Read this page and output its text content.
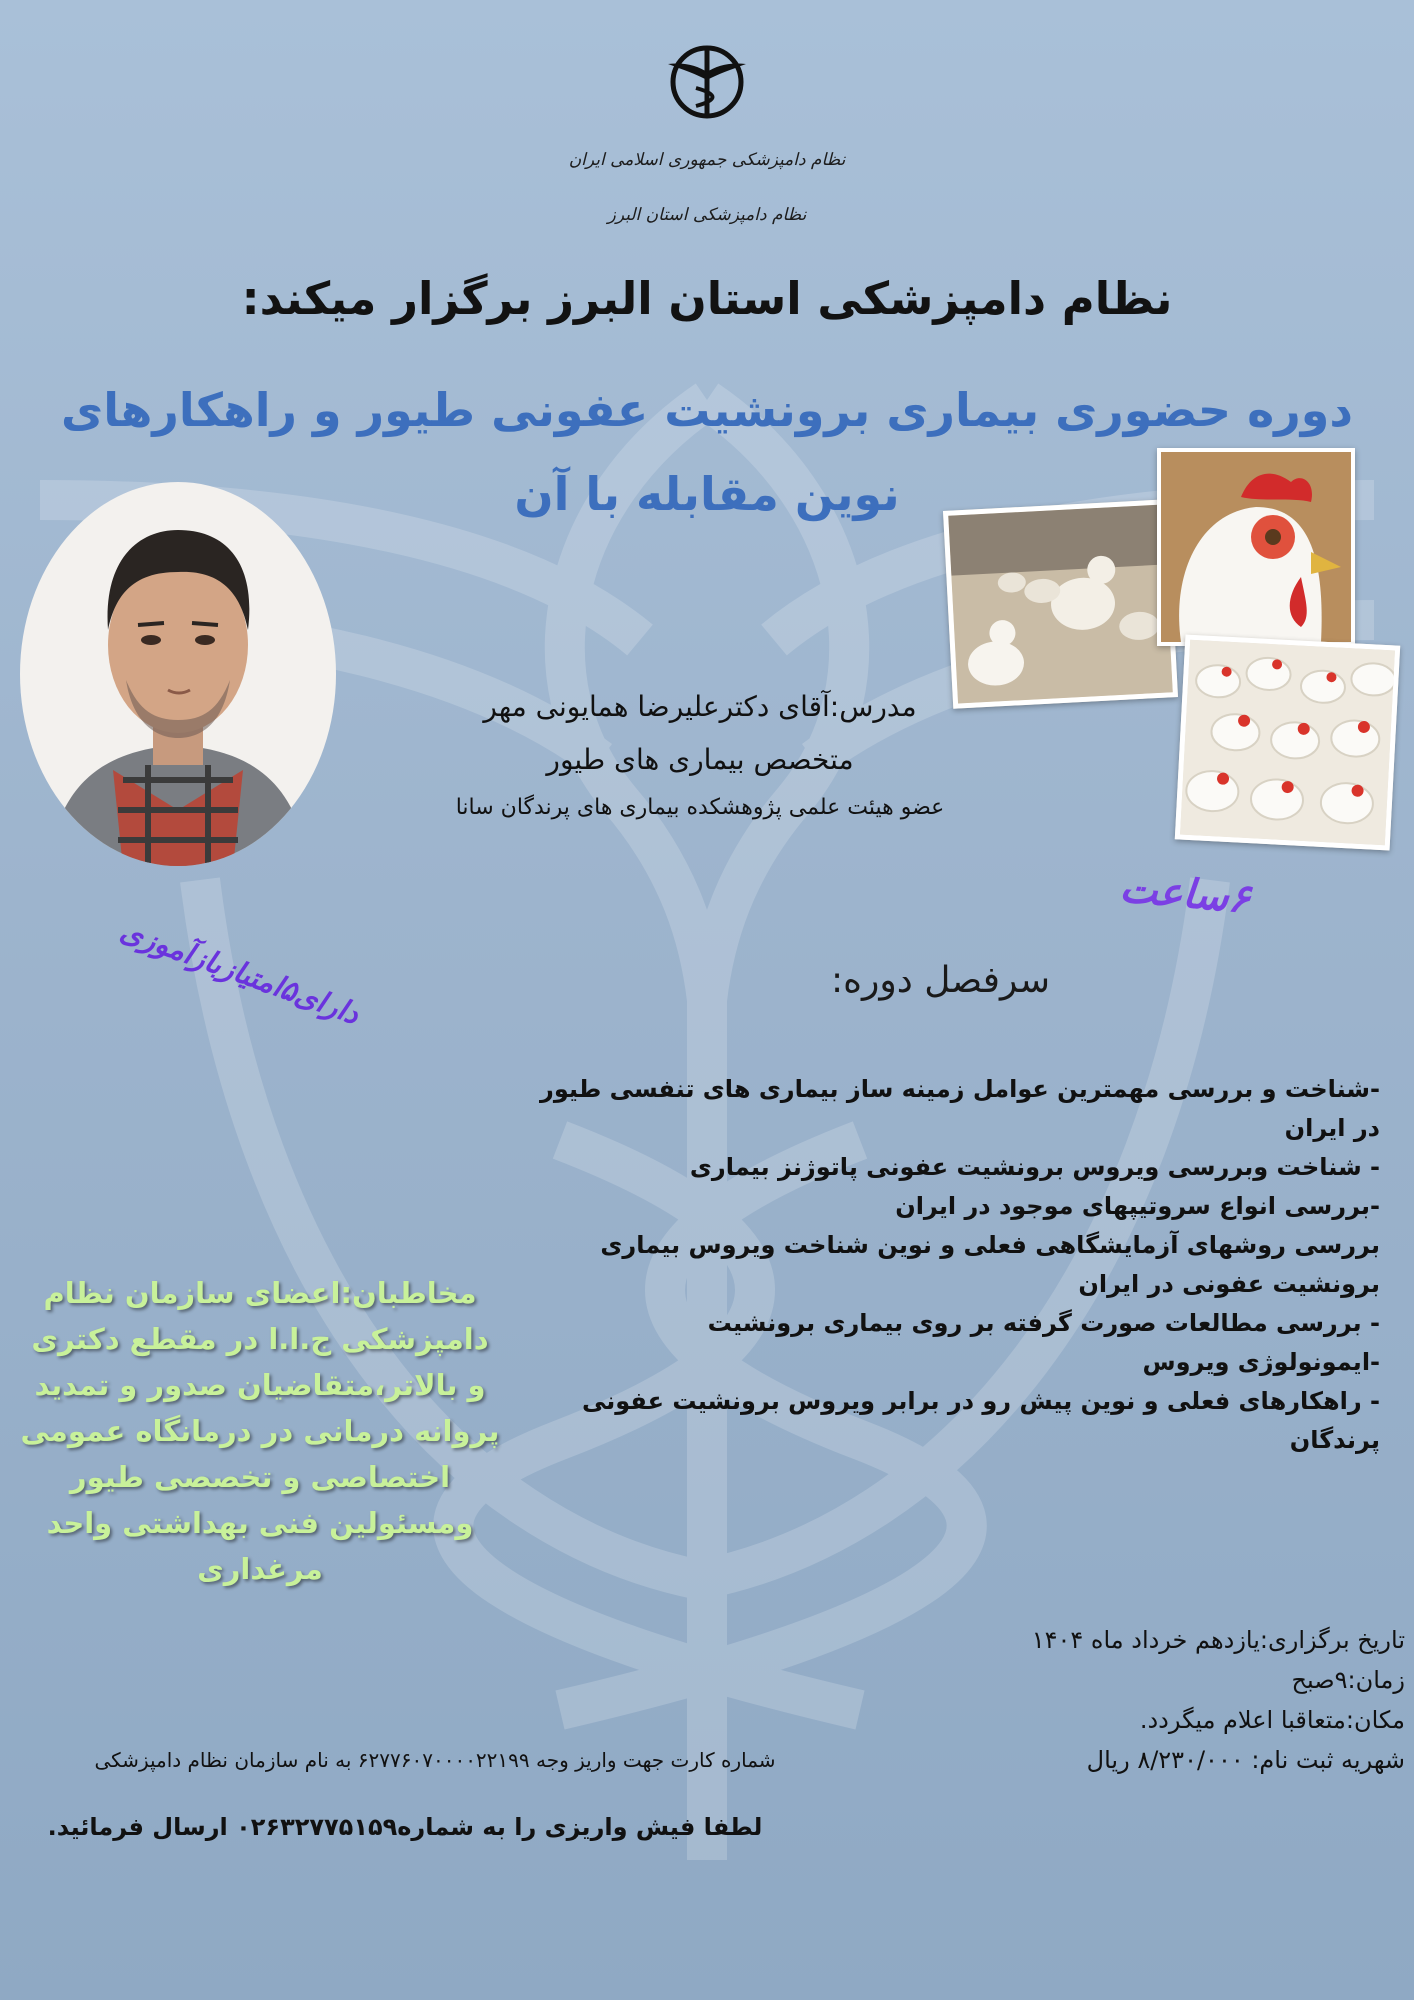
نظام دامپزشکی جمهوری اسلامی ایران
نظام دامپزشکی استان البرز
نظام دامپزشکی استان البرز برگزار میکند:
دوره حضوری بیماری برونشیت عفونی طیور و راهکارهای نوین مقابله با آن
مدرس:آقای دکترعلیرضا همایونی مهر
متخصص بیماری های طیور
عضو هیئت علمی پژوهشکده بیماری های پرندگان سانا
۶ساعت
دارای۵امتیازبازآموزی	سرفصل دوره:
-شناخت و بررسی مهمترین عوامل زمینه ساز بیماری های تنفسی طیور در ایران
- شناخت وبررسی ویروس برونشیت عفونی پاتوژنز بیماری
-بررسی انواع سروتیپهای موجود در ایران
بررسی روشهای آزمایشگاهی فعلی و نوین شناخت ویروس بیماری برونشیت عفونی در ایران
- بررسی مطالعات صورت گرفته بر روی بیماری برونشیت
-ایمونولوژی ویروس
- راهکارهای فعلی و نوین پیش رو در برابر ویروس برونشیت عفونی پرندگان
مخاطبان:اعضای سازمان نظام دامپزشکی ج.ا.ا در مقطع دکتری و بالاتر،متقاضیان صدور و تمدید پروانه درمانی در درمانگاه عمومی اختصاصی و تخصصی طیور ومسئولین فنی بهداشتی واحد مرغداری
تاریخ برگزاری:یازدهم خرداد ماه ۱۴۰۴
زمان:۹صبح
مکان:متعاقبا اعلام میگردد.
شهریه ثبت نام: ۸/۲۳۰/۰۰۰ ریال
شماره کارت جهت واریز وجه ۶۲۷۷۶۰۷۰۰۰۰۲۲۱۹۹ به نام سازمان نظام دامپزشکی
لطفا فیش واریزی را به شماره۰۲۶۳۲۷۷۵۱۵۹ ارسال فرمائید.
